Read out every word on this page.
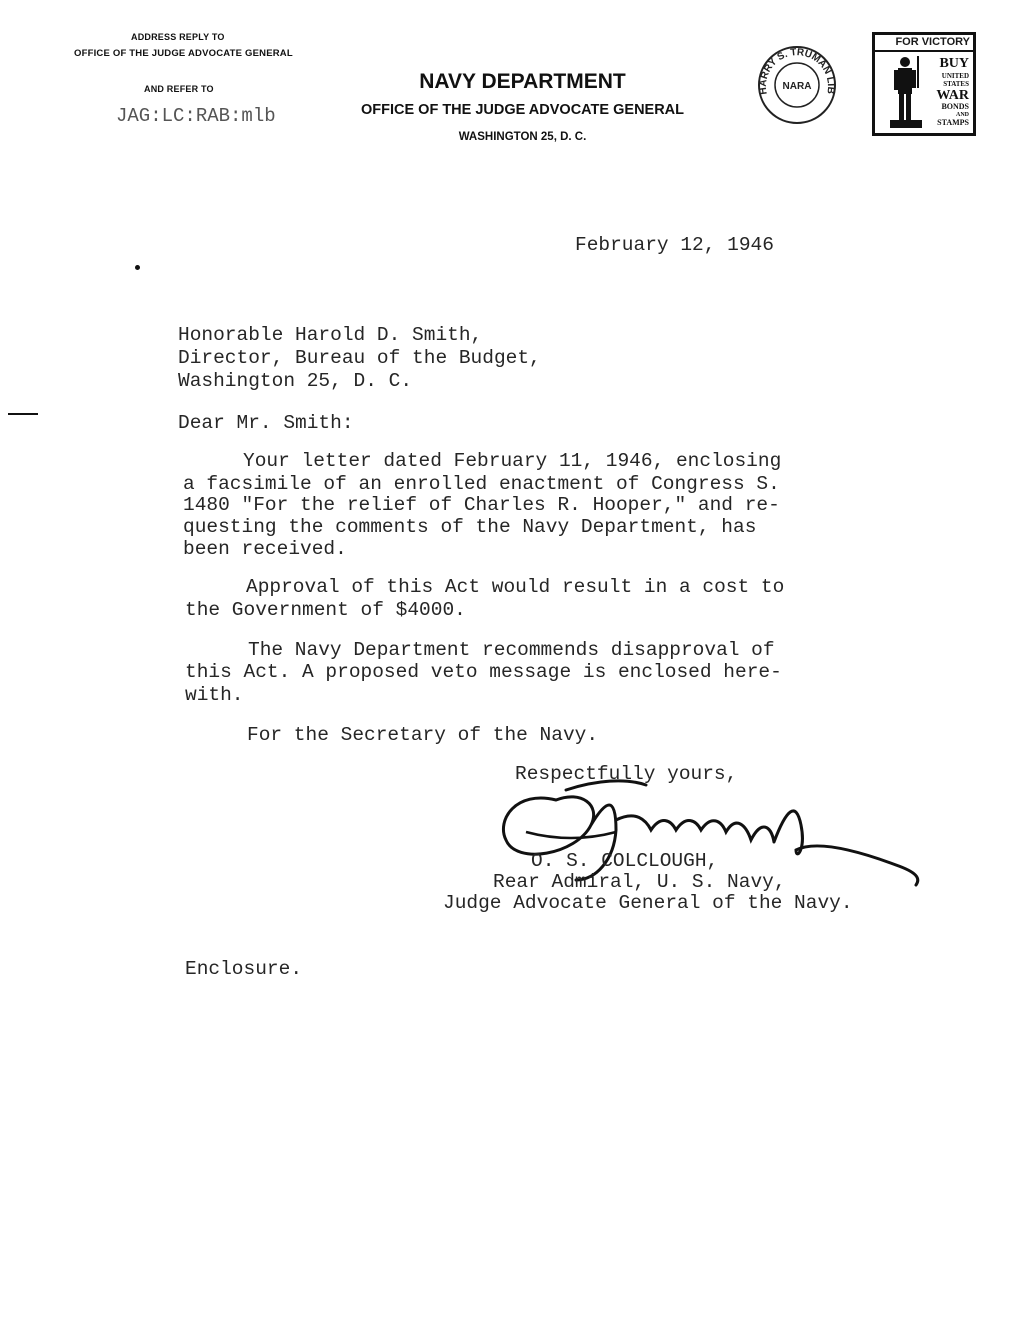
ADDRESS REPLY TO
OFFICE OF THE JUDGE ADVOCATE GENERAL
AND REFER TO
JAG:LC:RAB:mlb
NAVY DEPARTMENT
OFFICE OF THE JUDGE ADVOCATE GENERAL
WASHINGTON 25, D. C.
HARRY S. TRUMAN LIB
NARA
FOR VICTORY
BUY
UNITED
STATES
WAR
BONDS
AND
STAMPS
February 12, 1946
Honorable Harold D. Smith,
Director, Bureau of the Budget,
Washington 25, D. C.
Dear Mr. Smith:
Your letter dated February 11, 1946, enclosing
a facsimile of an enrolled enactment of Congress S.
1480 "For the relief of Charles R. Hooper," and re-
questing the comments of the Navy Department, has
been received.
Approval of this Act would result in a cost to
the Government of $4000.
The Navy Department recommends disapproval of
this Act. A proposed veto message is enclosed here-
with.
For the Secretary of the Navy.
Respectfully yours,
O. S. COLCLOUGH,
Rear Admiral, U. S. Navy,
Judge Advocate General of the Navy.
Enclosure.
